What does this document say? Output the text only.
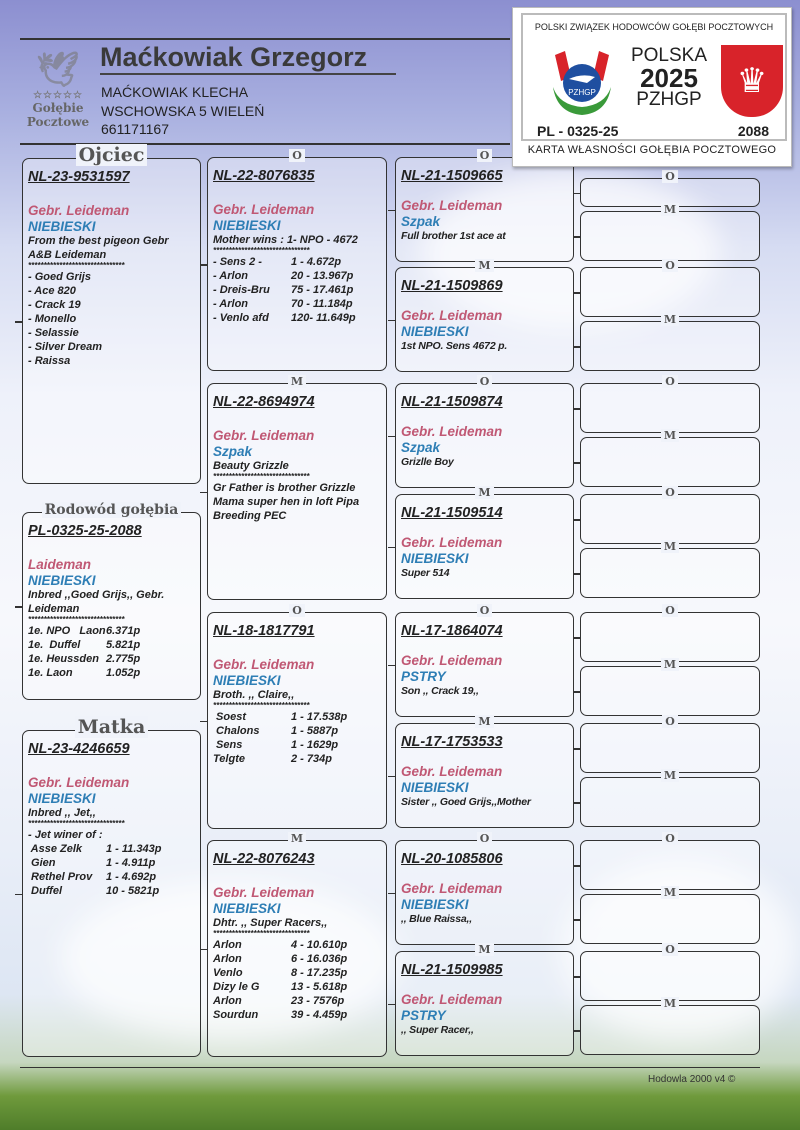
🕊
☆☆☆☆☆
Gołębie
Pocztowe
Maćkowiak Grzegorz
MAĆKOWIAK KLECHA
WSCHOWSKA 5 WIELEŃ
661171167
POLSKI ZWIĄZEK HODOWCÓW GOŁĘBI POCZTOWYCH
PZHGP
POLSKA
2025
PZHGP	♛
PL - 0325-25	2088
KARTA WŁASNOŚCI GOŁĘBIA POCZTOWEGO
Ojciec
NL-23-9531597
Gebr. Leideman
NIEBIESKI
From the best pigeon Gebr A&B Leideman
*******************************
- Goed Grijs
- Ace 820
- Crack 19
- Monello
- Selassie
- Silver Dream
- Raissa
Rodowód gołębia
PL-0325-25-2088
Laideman
NIEBIESKI
Inbred ,,Goed Grijs,, Gebr. Leideman
*******************************
1e. NPO   Laon 6.371p
1e.  Duffel	5.821p
1e. Heussden 2.775p
1e. Laon	1.052p
Matka
NL-23-4246659
Gebr. Leideman
NIEBIESKI
Inbred ,, Jet,,
*******************************
- Jet winer of :
Asse Zelk	1 - 11.343p
Gien	1 - 4.911p
Rethel Prov	1 - 4.692p
Duffel	10 - 5821p
O
NL-22-8076835
Gebr. Leideman
NIEBIESKI
Mother wins : 1- NPO - 4672
*******************************
- Sens 2 -	1 - 4.672p
- Arlon	20 - 13.967p
- Dreis-Bru	75 - 17.461p
- Arlon	70 - 11.184p
- Venlo afd	120- 11.649p
M
NL-22-8694974
Gebr. Leideman
Szpak
Beauty Grizzle
*******************************
Gr Father is brother Grizzle Mama super hen in loft Pipa Breeding PEC
O
NL-18-1817791
Gebr. Leideman
NIEBIESKI
Broth. ,, Claire,,
*******************************
Soest	1 - 17.538p
Chalons	1 - 5887p
Sens	1 - 1629p
Telgte	2 - 734p
M
NL-22-8076243
Gebr. Leideman
NIEBIESKI
Dhtr. ,, Super Racers,,
*******************************
Arlon	4 - 10.610p
Arlon	6 - 16.036p
Venlo	8 - 17.235p
Dizy le G	13 - 5.618p
Arlon	23 - 7576p
Sourdun	39 - 4.459p
O
NL-21-1509665
Gebr. Leideman
Szpak
Full brother 1st ace at
M
NL-21-1509869
Gebr. Leideman
NIEBIESKI
1st NPO. Sens 4672 p.
O
NL-21-1509874
Gebr. Leideman
Szpak
Grizlle Boy
M
NL-21-1509514
Gebr. Leideman
NIEBIESKI
Super 514
O
NL-17-1864074
Gebr. Leideman
PSTRY
Son ,, Crack 19,,
M
NL-17-1753533
Gebr. Leideman
NIEBIESKI
Sister ,, Goed Grijs,,Mother
O
NL-20-1085806
Gebr. Leideman
NIEBIESKI
,, Blue Raissa,,
M
NL-21-1509985
Gebr. Leideman
PSTRY
,, Super Racer,,
O
M
O
M
O
M
O
M
O
M
O
M
O
M
O
M
Hodowla 2000 v4 ©
